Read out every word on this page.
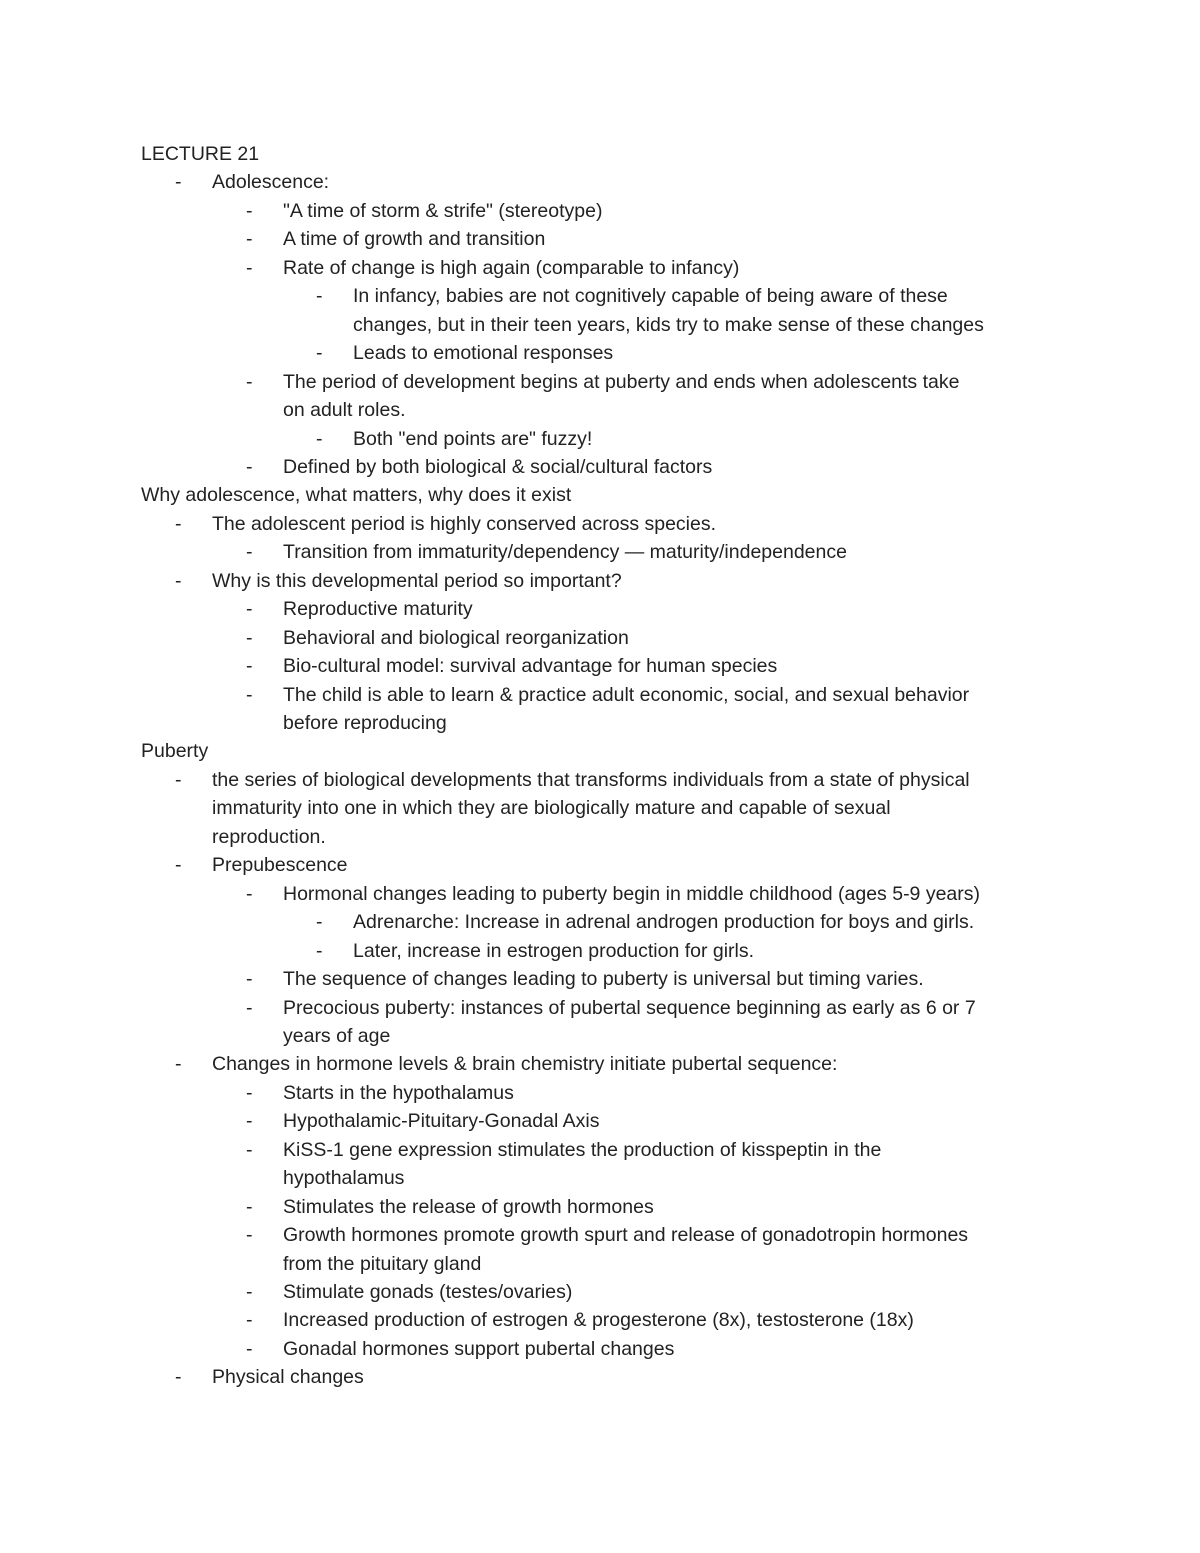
LECTURE 21
- Adolescence:
- "A time of storm & strife" (stereotype)
- A time of growth and transition
- Rate of change is high again (comparable to infancy)
- In infancy, babies are not cognitively capable of being aware of these
changes, but in their teen years, kids try to make sense of these changes
- Leads to emotional responses
- The period of development begins at puberty and ends when adolescents take
on adult roles.
- Both "end points are" fuzzy!
- Defined by both biological & social/cultural factors
Why adolescence, what matters, why does it exist
- The adolescent period is highly conserved across species.
- Transition from immaturity/dependency — maturity/independence
- Why is this developmental period so important?
- Reproductive maturity
- Behavioral and biological reorganization
- Bio-cultural model: survival advantage for human species
- The child is able to learn & practice adult economic, social, and sexual behavior
before reproducing
Puberty
- the series of biological developments that transforms individuals from a state of physical
immaturity into one in which they are biologically mature and capable of sexual
reproduction.
- Prepubescence
- Hormonal changes leading to puberty begin in middle childhood (ages 5-9 years)
- Adrenarche: Increase in adrenal androgen production for boys and girls.
- Later, increase in estrogen production for girls.
- The sequence of changes leading to puberty is universal but timing varies.
- Precocious puberty: instances of pubertal sequence beginning as early as 6 or 7
years of age
- Changes in hormone levels & brain chemistry initiate pubertal sequence:
- Starts in the hypothalamus
- Hypothalamic-Pituitary-Gonadal Axis
- KiSS-1 gene expression stimulates the production of kisspeptin in the
hypothalamus
- Stimulates the release of growth hormones
- Growth hormones promote growth spurt and release of gonadotropin hormones
from the pituitary gland
- Stimulate gonads (testes/ovaries)
- Increased production of estrogen & progesterone (8x), testosterone (18x)
- Gonadal hormones support pubertal changes
- Physical changes
